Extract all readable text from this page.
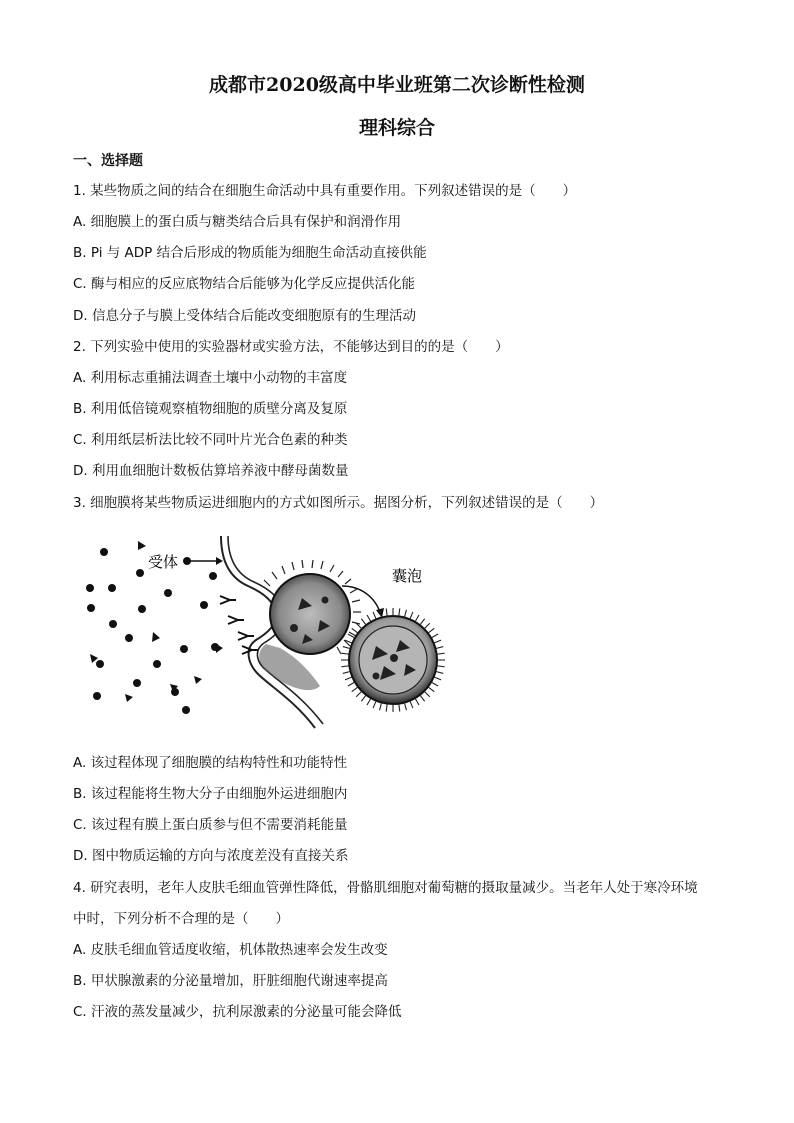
成都市2020级高中毕业班第二次诊断性检测
理科综合
一、选择题
1. 某些物质之间的结合在细胞生命活动中具有重要作用。下列叙述错误的是（　　）
A. 细胞膜上的蛋白质与糖类结合后具有保护和润滑作用
B. Pi 与 ADP 结合后形成的物质能为细胞生命活动直接供能
C. 酶与相应的反应底物结合后能够为化学反应提供活化能
D. 信息分子与膜上受体结合后能改变细胞原有的生理活动
2. 下列实验中使用的实验器材或实验方法，不能够达到目的的是（　　）
A. 利用标志重捕法调查土壤中小动物的丰富度
B. 利用低倍镜观察植物细胞的质壁分离及复原
C. 利用纸层析法比较不同叶片光合色素的种类
D. 利用血细胞计数板估算培养液中酵母菌数量
3. 细胞膜将某些物质运进细胞内的方式如图所示。据图分析，下列叙述错误的是（　　）
受体
囊泡
A. 该过程体现了细胞膜的结构特性和功能特性
B. 该过程能将生物大分子由细胞外运进细胞内
C. 该过程有膜上蛋白质参与但不需要消耗能量
D. 图中物质运输的方向与浓度差没有直接关系
4. 研究表明，老年人皮肤毛细血管弹性降低，骨骼肌细胞对葡萄糖的摄取量减少。当老年人处于寒冷环境
中时，下列分析不合理的是（　　）
A. 皮肤毛细血管适度收缩，机体散热速率会发生改变
B. 甲状腺激素的分泌量增加，肝脏细胞代谢速率提高
C. 汗液的蒸发量减少，抗利尿激素的分泌量可能会降低
